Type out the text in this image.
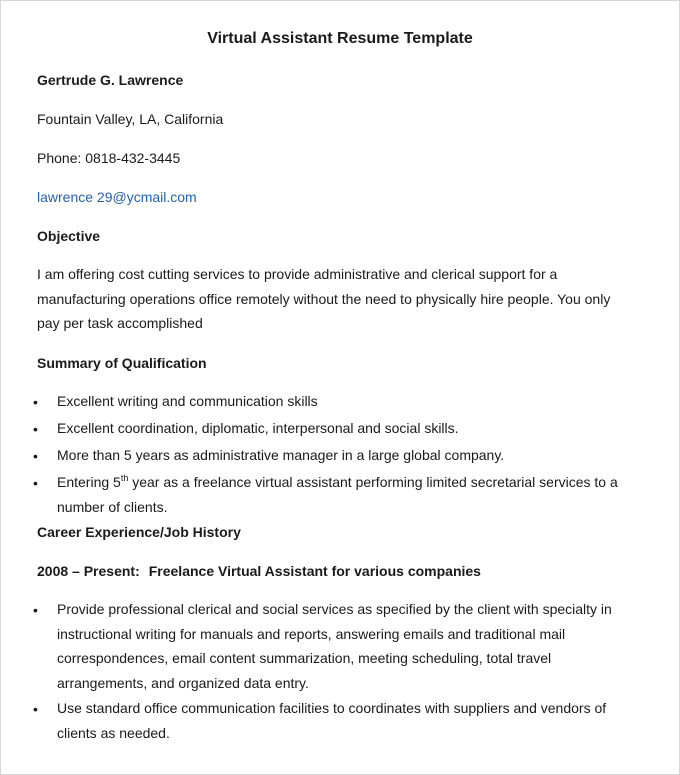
Virtual Assistant Resume Template
Gertrude G. Lawrence
Fountain Valley, LA, California
Phone: 0818-432-3445
lawrence 29@ycmail.com
Objective
I am offering cost cutting services to provide administrative and clerical support for a
manufacturing operations office remotely without the need to physically hire people. You only
pay per task accomplished
Summary of Qualification
• Excellent writing and communication skills
• Excellent coordination, diplomatic, interpersonal and social skills.
• More than 5 years as administrative manager in a large global company.
• Entering 5th year as a freelance virtual assistant performing limited secretarial services to a
number of clients.
Career Experience/Job History
2008 – Present: Freelance Virtual Assistant for various companies
• Provide professional clerical and social services as specified by the client with specialty in
instructional writing for manuals and reports, answering emails and traditional mail
correspondences, email content summarization, meeting scheduling, total travel
arrangements, and organized data entry.
• Use standard office communication facilities to coordinates with suppliers and vendors of
clients as needed.
